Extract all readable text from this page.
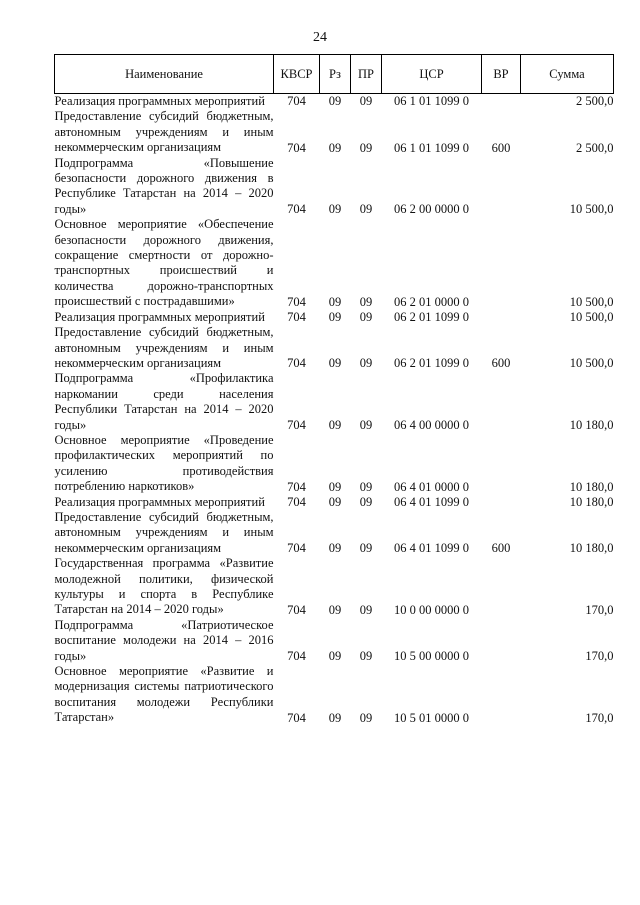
24
Наименование	КВСР	Рз	ПР	ЦСР	ВР	Сумма
Реализация программных мероприятий	704	09	09	06 1 01 1099 0		2 500,0
Предоставление субсидий бюджетным, автономным учреждениям и иным некоммерческим организациям	704	09	09	06 1 01 1099 0	600	2 500,0
Подпрограмма «Повышение безопасности дорожного движения в Республике Татарстан на 2014 – 2020 годы»	704	09	09	06 2 00 0000 0		10 500,0
Основное мероприятие «Обеспечение безопасности дорожного движения, сокращение смертности от дорожно-транспортных происшествий и количества дорожно-транспортных происшествий с пострадавшими»	704	09	09	06 2 01 0000 0		10 500,0
Реализация программных мероприятий	704	09	09	06 2 01 1099 0		10 500,0
Предоставление субсидий бюджетным, автономным учреждениям и иным некоммерческим организациям	704	09	09	06 2 01 1099 0	600	10 500,0
Подпрограмма «Профилактика наркомании среди населения Республики Татарстан на 2014 – 2020 годы»	704	09	09	06 4 00 0000 0		10 180,0
Основное мероприятие «Проведение профилактических мероприятий по усилению противодействия потреблению наркотиков»	704	09	09	06 4 01 0000 0		10 180,0
Реализация программных мероприятий	704	09	09	06 4 01 1099 0		10 180,0
Предоставление субсидий бюджетным, автономным учреждениям и иным некоммерческим организациям	704	09	09	06 4 01 1099 0	600	10 180,0
Государственная программа «Развитие молодежной политики, физической культуры и спорта в Республике Татарстан на 2014 – 2020 годы»	704	09	09	10 0 00 0000 0		170,0
Подпрограмма «Патриотическое воспитание молодежи на 2014 – 2016 годы»	704	09	09	10 5 00 0000 0		170,0
Основное мероприятие «Развитие и модернизация системы патриотического воспитания молодежи Республики Татарстан»	704	09	09	10 5 01 0000 0		170,0
